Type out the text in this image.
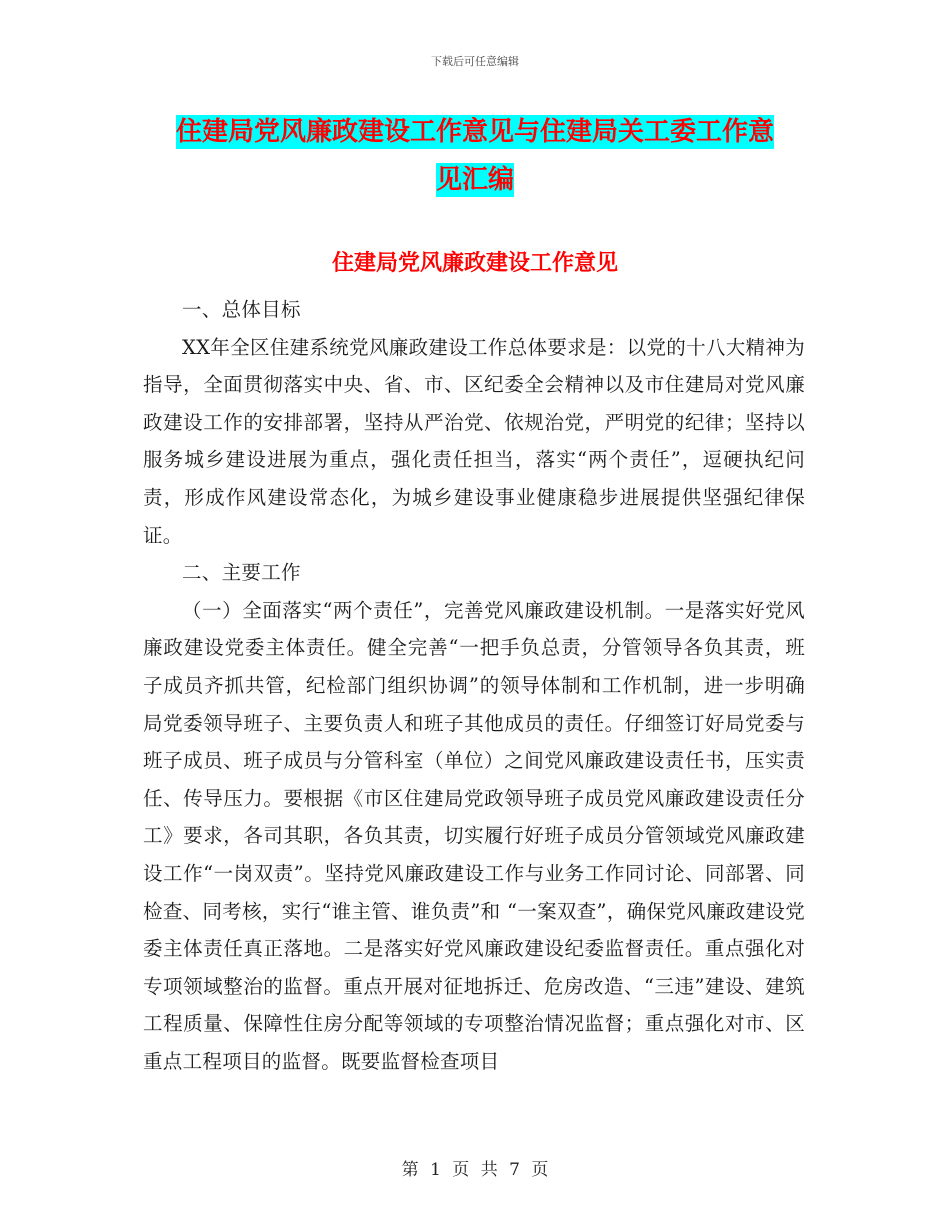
下载后可任意编辑
住建局党风廉政建设工作意见与住建局关工委工作意
见汇编
住建局党风廉政建设工作意见

一、总体目标

XX年全区住建系统党风廉政建设工作总体要求是：以党的十八大精神为指导，全面贯彻落实中央、省、市、区纪委全会精神以及市住建局对党风廉政建设工作的安排部署，坚持从严治党、依规治党，严明党的纪律；坚持以服务城乡建设进展为重点，强化责任担当，落实“两个责任”，逗硬执纪问责，形成作风建设常态化，为城乡建设事业健康稳步进展提供坚强纪律保证。

二、主要工作

（一）全面落实“两个责任”，完善党风廉政建设机制。一是落实好党风廉政建设党委主体责任。健全完善“一把手负总责，分管领导各负其责，班子成员齐抓共管，纪检部门组织协调”的领导体制和工作机制，进一步明确局党委领导班子、主要负责人和班子其他成员的责任。仔细签订好局党委与班子成员、班子成员与分管科室（单位）之间党风廉政建设责任书，压实责任、传导压力。要根据《市区住建局党政领导班子成员党风廉政建设责任分工》要求，各司其职，各负其责，切实履行好班子成员分管领域党风廉政建设工作“一岗双责”。坚持党风廉政建设工作与业务工作同讨论、同部署、同检查、同考核，实行“谁主管、谁负责”和 “一案双查”，确保党风廉政建设党委主体责任真正落地。二是落实好党风廉政建设纪委监督责任。重点强化对专项领域整治的监督。重点开展对征地拆迁、危房改造、“三违”建设、建筑工程质量、保障性住房分配等领域的专项整治情况监督；重点强化对市、区重点工程项目的监督。既要监督检查项目

第 1 页 共 7 页
